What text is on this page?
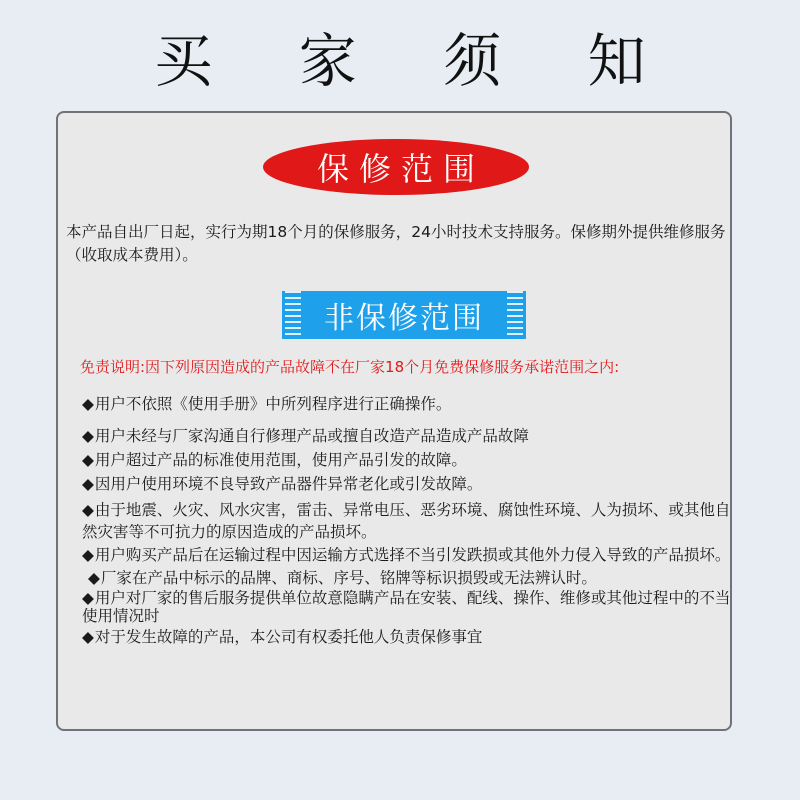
买 家 须 知
保修范围
本产品自出厂日起，实行为期18个月的保修服务，24小时技术支持服务。保修期外提供维修服务（收取成本费用）。
非保修范围
免责说明:因下列原因造成的产品故障不在厂家18个月免费保修服务承诺范围之内:
◆用户不依照《使用手册》中所列程序进行正确操作。
◆用户未经与厂家沟通自行修理产品或擅自改造产品造成产品故障
◆用户超过产品的标准使用范围，使用产品引发的故障。
◆因用户使用环境不良导致产品器件异常老化或引发故障。
◆由于地震、火灾、风水灾害，雷击、异常电压、恶劣环境、腐蚀性环境、人为损坏、或其他自然灾害等不可抗力的原因造成的产品损坏。
◆用户购买产品后在运输过程中因运输方式选择不当引发跌损或其他外力侵入导致的产品损坏。
◆厂家在产品中标示的品牌、商标、序号、铭牌等标识损毁或无法辨认时。
◆用户对厂家的售后服务提供单位故意隐瞒产品在安装、配线、操作、维修或其他过程中的不当使用情况时
◆对于发生故障的产品，本公司有权委托他人负责保修事宜
